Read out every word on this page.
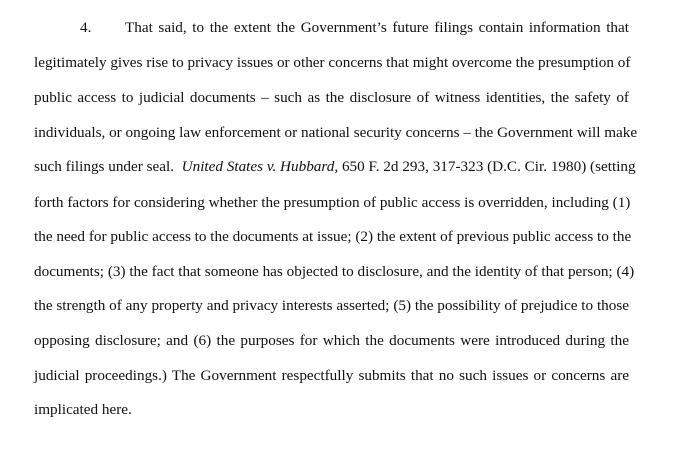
4. That said, to the extent the Government’s future filings contain information that
legitimately gives rise to privacy issues or other concerns that might overcome the presumption of
public access to judicial documents – such as the disclosure of witness identities, the safety of
individuals, or ongoing law enforcement or national security concerns – the Government will make
such filings under seal. United States v. Hubbard, 650 F. 2d 293, 317-323 (D.C. Cir. 1980) (setting
forth factors for considering whether the presumption of public access is overridden, including (1)
the need for public access to the documents at issue; (2) the extent of previous public access to the
documents; (3) the fact that someone has objected to disclosure, and the identity of that person; (4)
the strength of any property and privacy interests asserted; (5) the possibility of prejudice to those
opposing disclosure; and (6) the purposes for which the documents were introduced during the
judicial proceedings.) The Government respectfully submits that no such issues or concerns are
implicated here.
